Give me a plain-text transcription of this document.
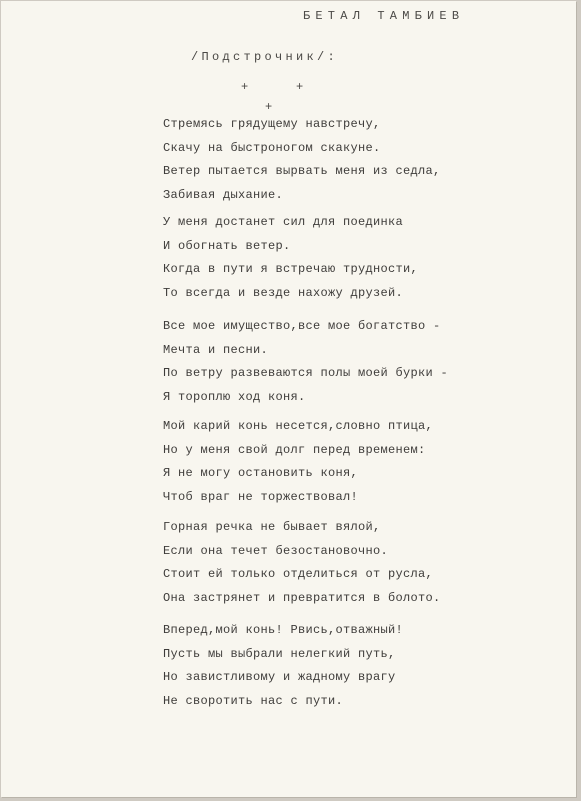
БЕТАЛ ТАМБИЕВ
/Подстрочник/:
+	+
+
Стремясь грядущему навстречу,
Скачу на быстроногом скакуне.
Ветер пытается вырвать меня из седла,
Забивая дыхание.
У меня достанет сил для поединка
И обогнать ветер.
Когда в пути я встречаю трудности,
То всегда и везде нахожу друзей.
Все мое имущество,все мое богатство -
Мечта и песни.
По ветру развеваются полы моей бурки -
Я тороплю ход коня.
Мой карий конь несется,словно птица,
Но у меня свой долг перед временем:
Я не могу остановить коня,
Чтоб враг не торжествовал!
Горная речка не бывает вялой,
Если она течет безостановочно.
Стоит ей только отделиться от русла,
Она застрянет и превратится в болото.
Вперед,мой конь! Рвись,отважный!
Пусть мы выбрали нелегкий путь,
Но завистливому и жадному врагу
Не своротить нас с пути.
